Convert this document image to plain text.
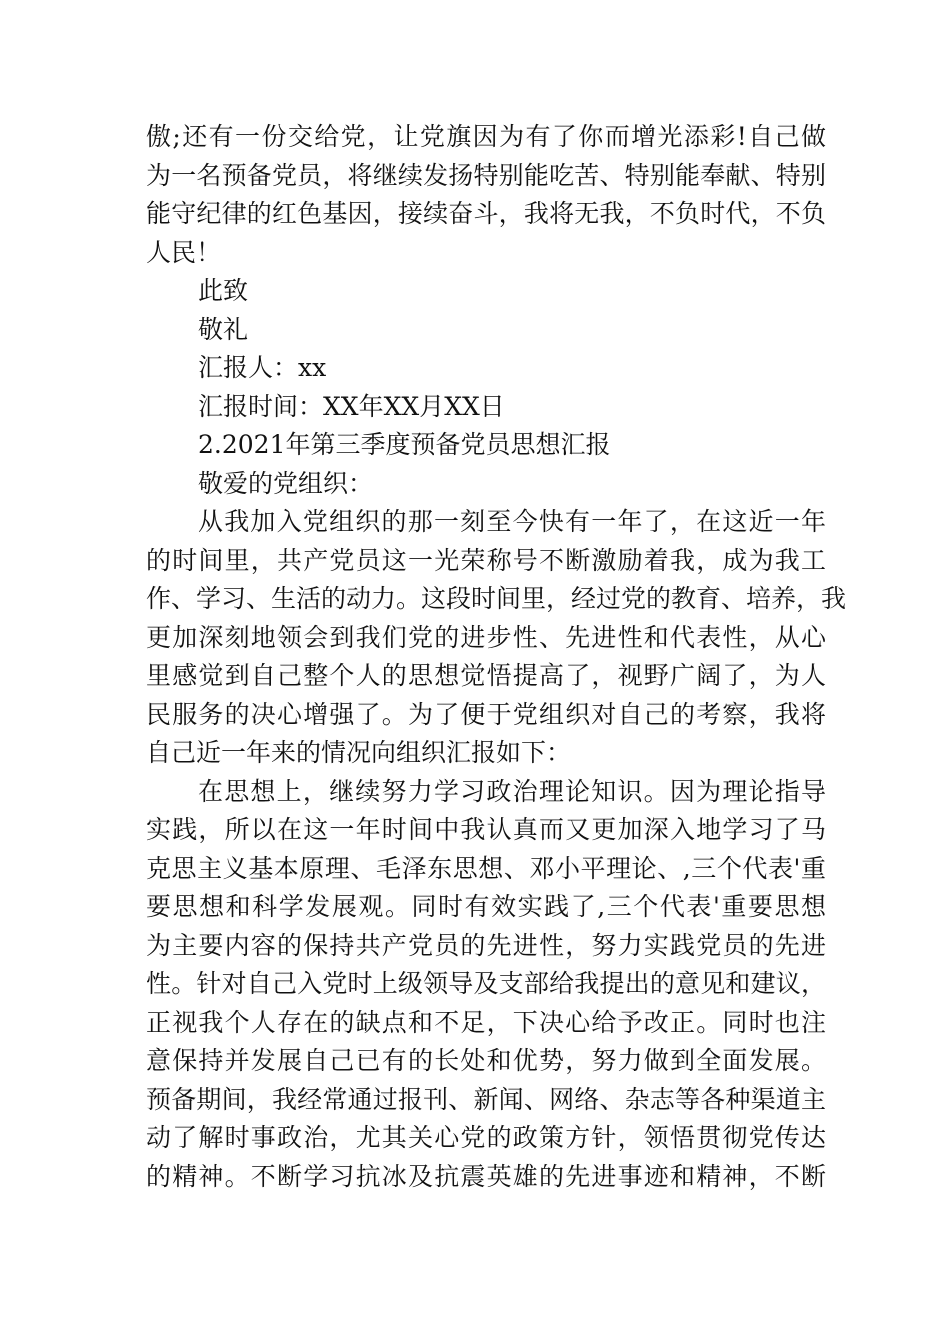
傲;还有一份交给党，让党旗因为有了你而增光添彩!自己做
为一名预备党员，将继续发扬特别能吃苦、特别能奉献、特别
能守纪律的红色基因，接续奋斗，我将无我，不负时代，不负
人民！
此致
敬礼
汇报人：xx
汇报时间：XX年XX月XX日
2.2021年第三季度预备党员思想汇报
敬爱的党组织：
从我加入党组织的那一刻至今快有一年了，在这近一年
的时间里，共产党员这一光荣称号不断激励着我，成为我工
作、学习、生活的动力。这段时间里，经过党的教育、培养，我
更加深刻地领会到我们党的进步性、先进性和代表性，从心
里感觉到自己整个人的思想觉悟提高了，视野广阔了，为人
民服务的决心增强了。为了便于党组织对自己的考察，我将
自己近一年来的情况向组织汇报如下：
在思想上，继续努力学习政治理论知识。因为理论指导
实践，所以在这一年时间中我认真而又更加深入地学习了马
克思主义基本原理、毛泽东思想、邓小平理论、,三个代表'重
要思想和科学发展观。同时有效实践了,三个代表'重要思想
为主要内容的保持共产党员的先进性，努力实践党员的先进
性。针对自己入党时上级领导及支部给我提出的意见和建议，
正视我个人存在的缺点和不足，下决心给予改正。同时也注
意保持并发展自己已有的长处和优势，努力做到全面发展。
预备期间，我经常通过报刊、新闻、网络、杂志等各种渠道主
动了解时事政治，尤其关心党的政策方针，领悟贯彻党传达
的精神。不断学习抗冰及抗震英雄的先进事迹和精神，不断
